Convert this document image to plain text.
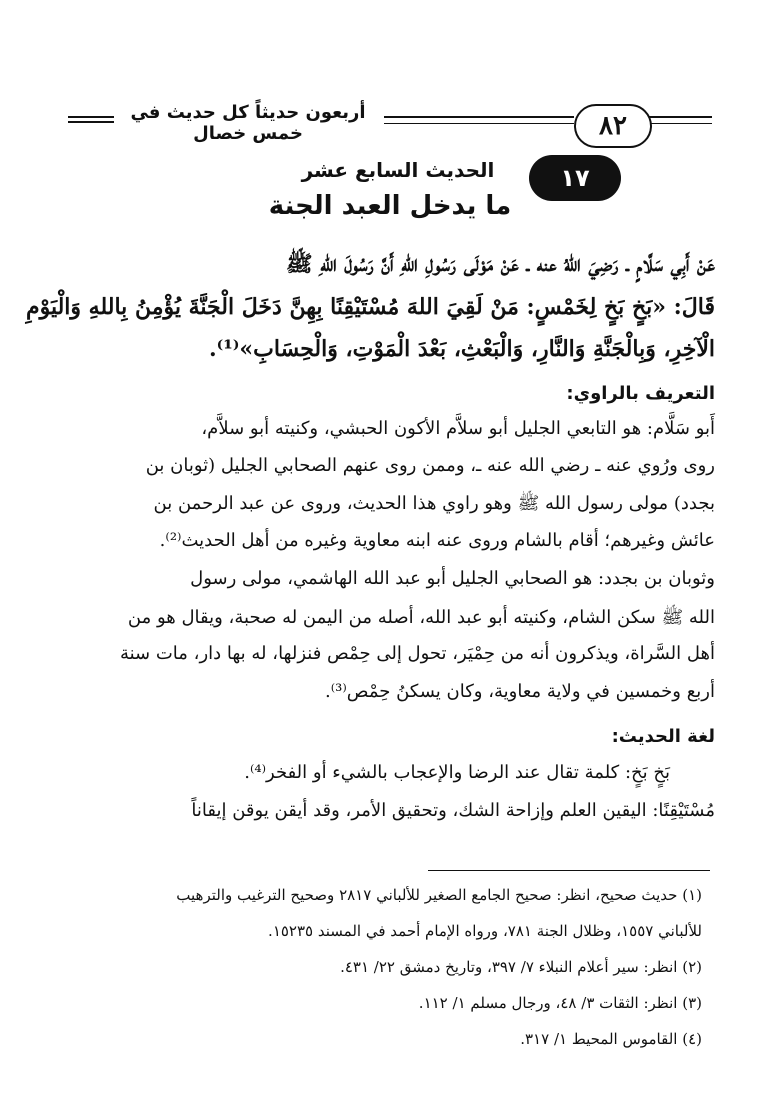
أربعون حديثاً كل حديث في خمس خصال	٨٢
١٧
الحديث السابع عشر
ما يدخل العبد الجنة
عَنْ أَبِي سَلَّامٍ ـ رَضِيَ اللهُ عنه ـ عَنْ مَوْلَى رَسُولِ اللهِ أَنَّ رَسُولَ اللهِ ﷺ
قَالَ: «بَخٍ بَخٍ لِخَمْسٍ: مَنْ لَقِيَ اللهَ مُسْتَيْقِنًا بِهِنَّ دَخَلَ الْجَنَّةَ يُؤْمِنُ بِاللهِ وَالْيَوْمِ
الْآخِرِ، وَبِالْجَنَّةِ وَالنَّارِ، وَالْبَعْثِ، بَعْدَ الْمَوْتِ، وَالْحِسَابِ»⁽¹⁾.
التعريف بالراوي:
أَبو سَلَّام: هو التابعي الجليل أبو سلاَّم الأكون الحبشي، وكنيته أبو سلاَّم،
روى ورُوي عنه ـ رضي الله عنه ـ، وممن روى عنهم الصحابي الجليل (ثوبان بن
بجدد) مولى رسول الله ﷺ وهو راوي هذا الحديث، وروى عن عبد الرحمن بن
عائش وغيرهم؛ أقام بالشام وروى عنه ابنه معاوية وغيره من أهل الحديث⁽²⁾.
وثوبان بن بجدد: هو الصحابي الجليل أبو عبد الله الهاشمي، مولى رسول
الله ﷺ سكن الشام، وكنيته أبو عبد الله، أصله من اليمن له صحبة، ويقال هو من
أهل السَّراة، ويذكرون أنه من حِمْيَر، تحول إلى حِمْص فنزلها، له بها دار، مات سنة
أربع وخمسين في ولاية معاوية، وكان يسكنُ حِمْص⁽³⁾.
لغة الحديث:
بَخٍ بَخٍ: كلمة تقال عند الرضا والإعجاب بالشيء أو الفخر⁽⁴⁾.
مُسْتَيْقِنًا: اليقين العلم وإزاحة الشك، وتحقيق الأمر، وقد أيقن يوقن إيقاناً
(١) حديث صحيح، انظر: صحيح الجامع الصغير للألباني ٢٨١٧ وصحيح الترغيب والترهيب
للألباني ١٥٥٧، وظلال الجنة ٧٨١، ورواه الإمام أحمد في المسند ١٥٢٣٥.
(٢) انظر: سير أعلام النبلاء ٧/ ٣٩٧، وتاريخ دمشق ٢٢/ ٤٣١.
(٣) انظر: الثقات ٣/ ٤٨، ورجال مسلم ١/ ١١٢.
(٤) القاموس المحيط ١/ ٣١٧.
